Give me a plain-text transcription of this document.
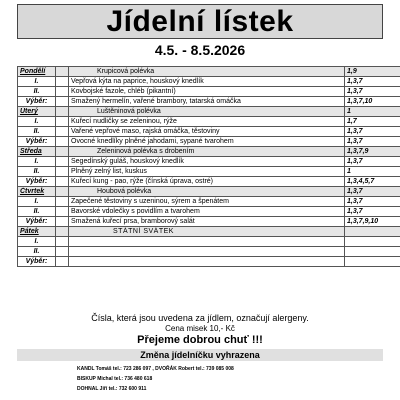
Jídelní lístek
4.5. - 8.5.2026
Pondělí		Krupicová polévka	1,9
I.		Vepřová kýta na paprice, houskový knedlík	1,3,7
II.		Kovbojské fazole, chléb (pikantní)	1,3,7
Výběr:		Smažený hermelín, vařené brambory, tatarská omáčka	1,3,7,10
Úterý		Luštěninová polévka	1
I.		Kuřecí nudličky se zeleninou, rýže	1,7
II.		Vařené vepřové maso, rajská omáčka, těstoviny	1,3,7
Výběr:		Ovocné knedlíky plněné jahodami, sypané tvarohem	1,3,7
Středa		Zeleninová polévka s drobením	1,3,7,9
I.		Segedínský guláš, houskový knedlík	1,3,7
II.		Plněný zelný list, kuskus	1
Výběr:		Kuřecí kung - pao, rýže (čínská úprava, ostré)	1,3,4,5,7
Čtvrtek		Houbová polévka	1,3,7
I.		Zapečené těstoviny s uzeninou, sýrem a špenátem	1,3,7
II.		Bavorské vdolečky s povidlím a tvarohem	1,3,7
Výběr:		Smažená kuřecí prsa, bramborový salát	1,3,7,9,10
Pátek		STÁTNÍ SVÁTEK	
I.			
II.			
Výběr:			
Čísla, která jsou uvedena za jídlem, označují alergeny.
Cena misek 10,- Kč
Přejeme dobrou chuť !!!
Změna jídelníčku vyhrazena
KANDL Tomáš tel.: 723 286 097 , DVOŘÁK Robert tel.: 739 085 008
BISKUP Michal tel.: 736 480 618
DOHNAL Jiří tel.: 732 600 911
